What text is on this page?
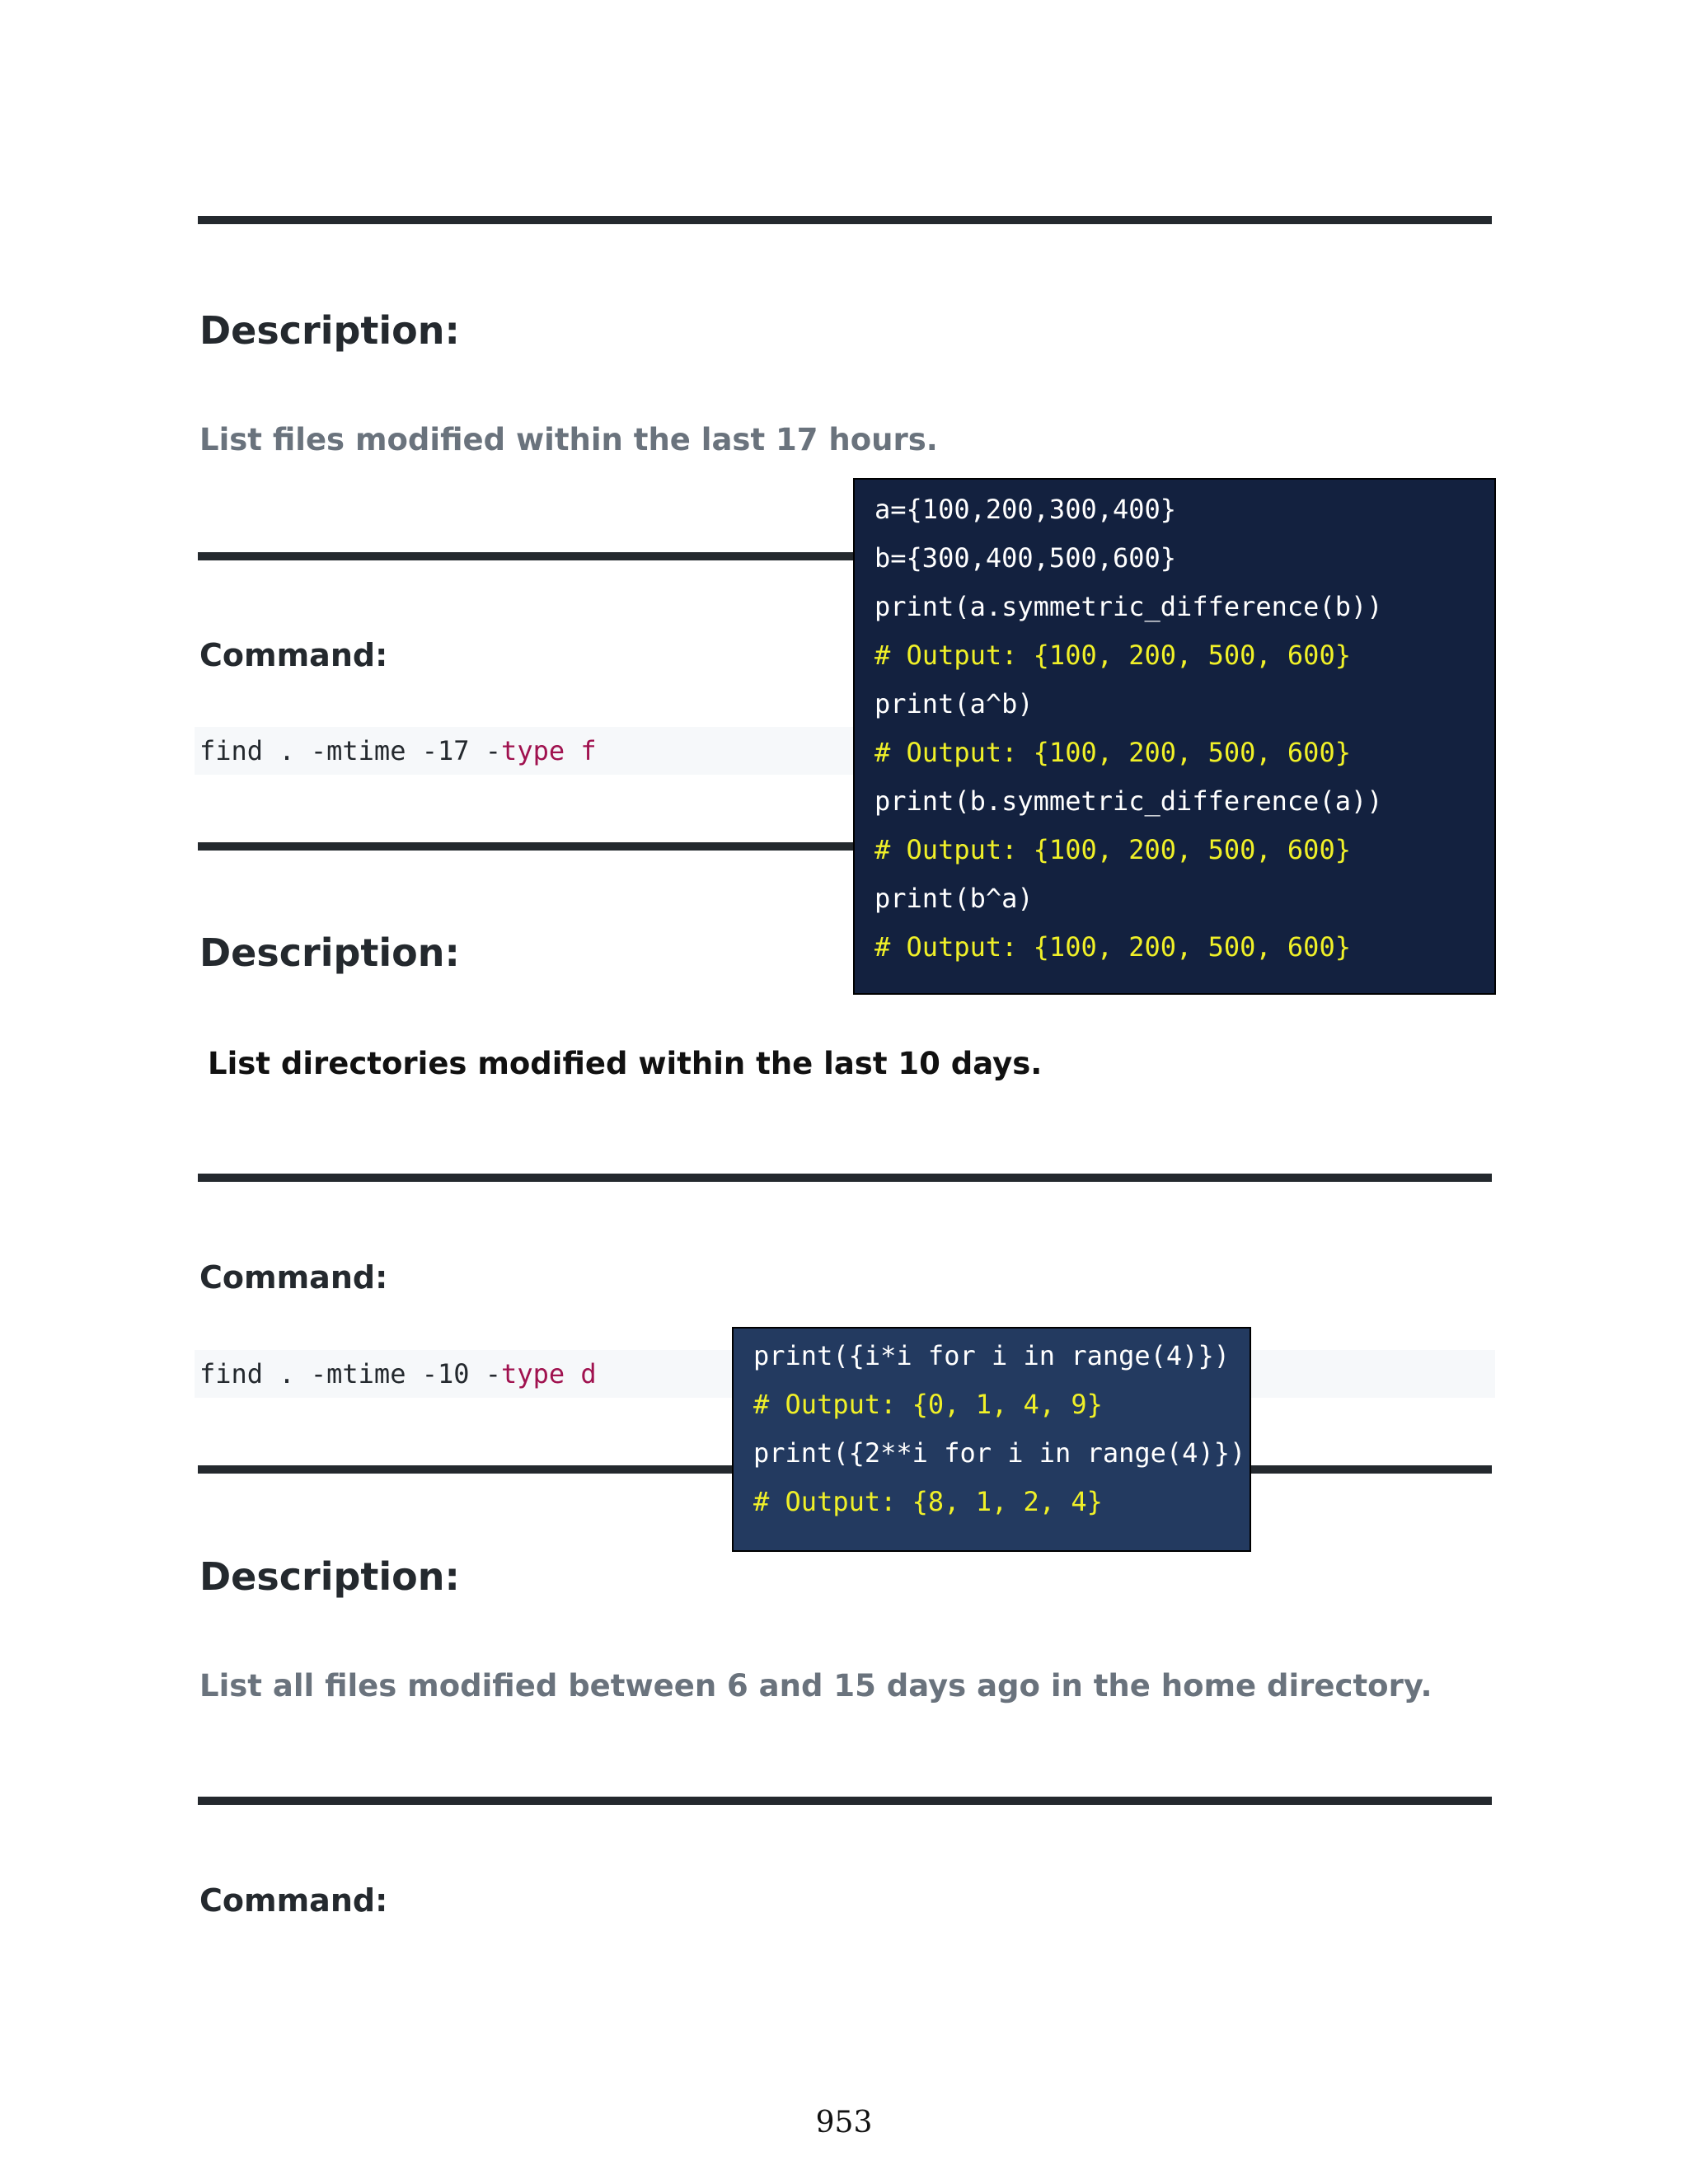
Description:

List files modified within the last 17 hours.

Command:
find . -mtime -17 -type f
Description:

List directories modified within the last 10 days.

Command:
find . -mtime -10 -type d
Description:

List all files modified between 6 and 15 days ago in the home directory.

Command:

a={100,200,300,400}

b={300,400,500,600}

print(a.symmetric_difference(b))

# Output: {100, 200, 500, 600}

print(a^b)

# Output: {100, 200, 500, 600}

print(b.symmetric_difference(a))

# Output: {100, 200, 500, 600}

print(b^a)

# Output: {100, 200, 500, 600}

print({i*i for i in range(4)})

# Output: {0, 1, 4, 9}

print({2**i for i in range(4)})

# Output: {8, 1, 2, 4}

953
